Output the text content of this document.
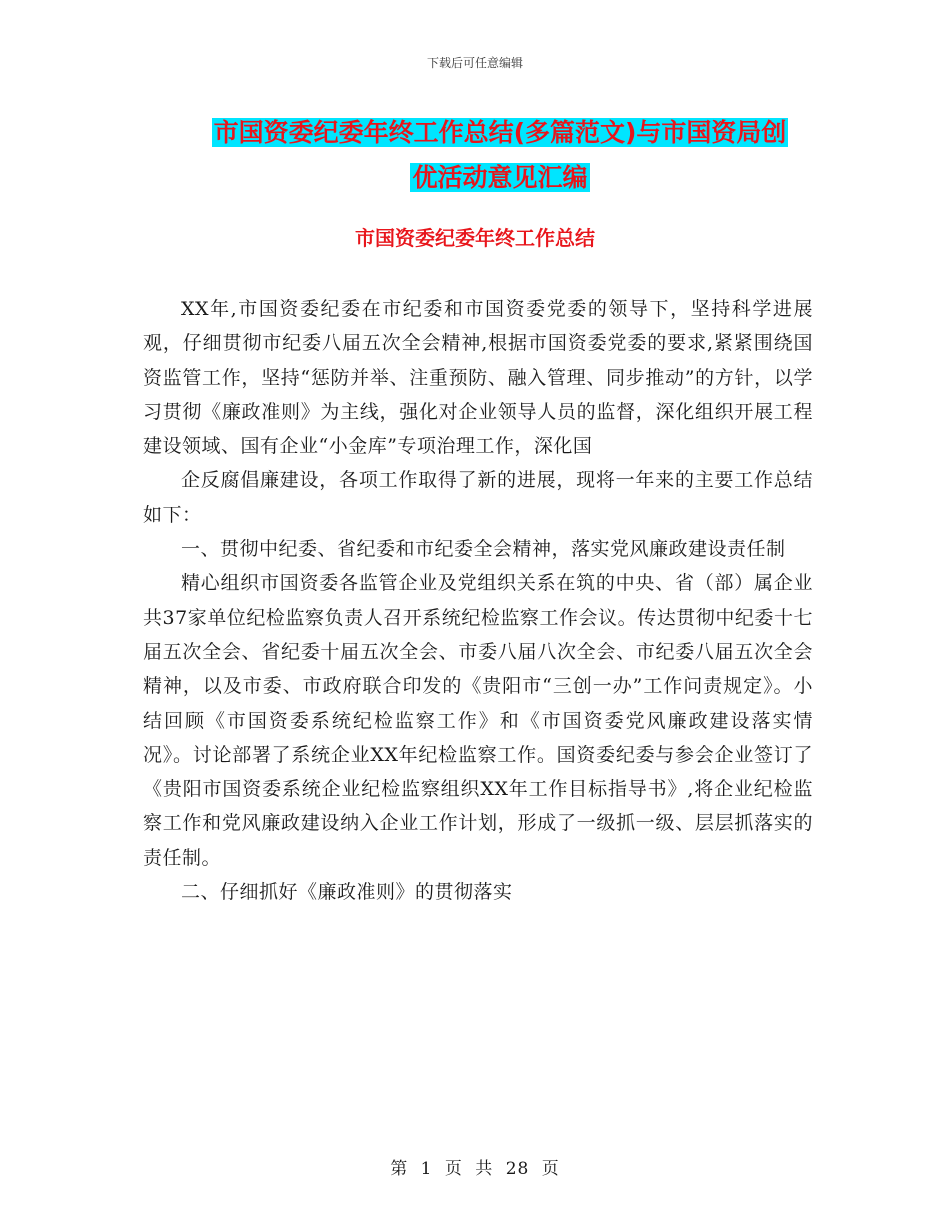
下载后可任意编辑
市国资委纪委年终工作总结(多篇范文)与市国资局创
优活动意见汇编
市国资委纪委年终工作总结

XX年,市国资委纪委在市纪委和市国资委党委的领导下，坚持科学进展观，仔细贯彻市纪委八届五次全会精神,根据市国资委党委的要求,紧紧围绕国资监管工作，坚持“惩防并举、注重预防、融入管理、同步推动”的方针，以学习贯彻《廉政准则》为主线，强化对企业领导人员的监督，深化组织开展工程建设领域、国有企业“小金库”专项治理工作，深化国

企反腐倡廉建设，各项工作取得了新的进展，现将一年来的主要工作总结如下：

一、贯彻中纪委、省纪委和市纪委全会精神，落实党风廉政建设责任制

精心组织市国资委各监管企业及党组织关系在筑的中央、省（部）属企业共37家单位纪检监察负责人召开系统纪检监察工作会议。传达贯彻中纪委十七届五次全会、省纪委十届五次全会、市委八届八次全会、市纪委八届五次全会精神，以及市委、市政府联合印发的《贵阳市“三创一办”工作问责规定》。小结回顾《市国资委系统纪检监察工作》和《市国资委党风廉政建设落实情况》。讨论部署了系统企业XX年纪检监察工作。国资委纪委与参会企业签订了《贵阳市国资委系统企业纪检监察组织XX年工作目标指导书》,将企业纪检监察工作和党风廉政建设纳入企业工作计划，形成了一级抓一级、层层抓落实的责任制。

二、仔细抓好《廉政准则》的贯彻落实

第 1 页 共 28 页
